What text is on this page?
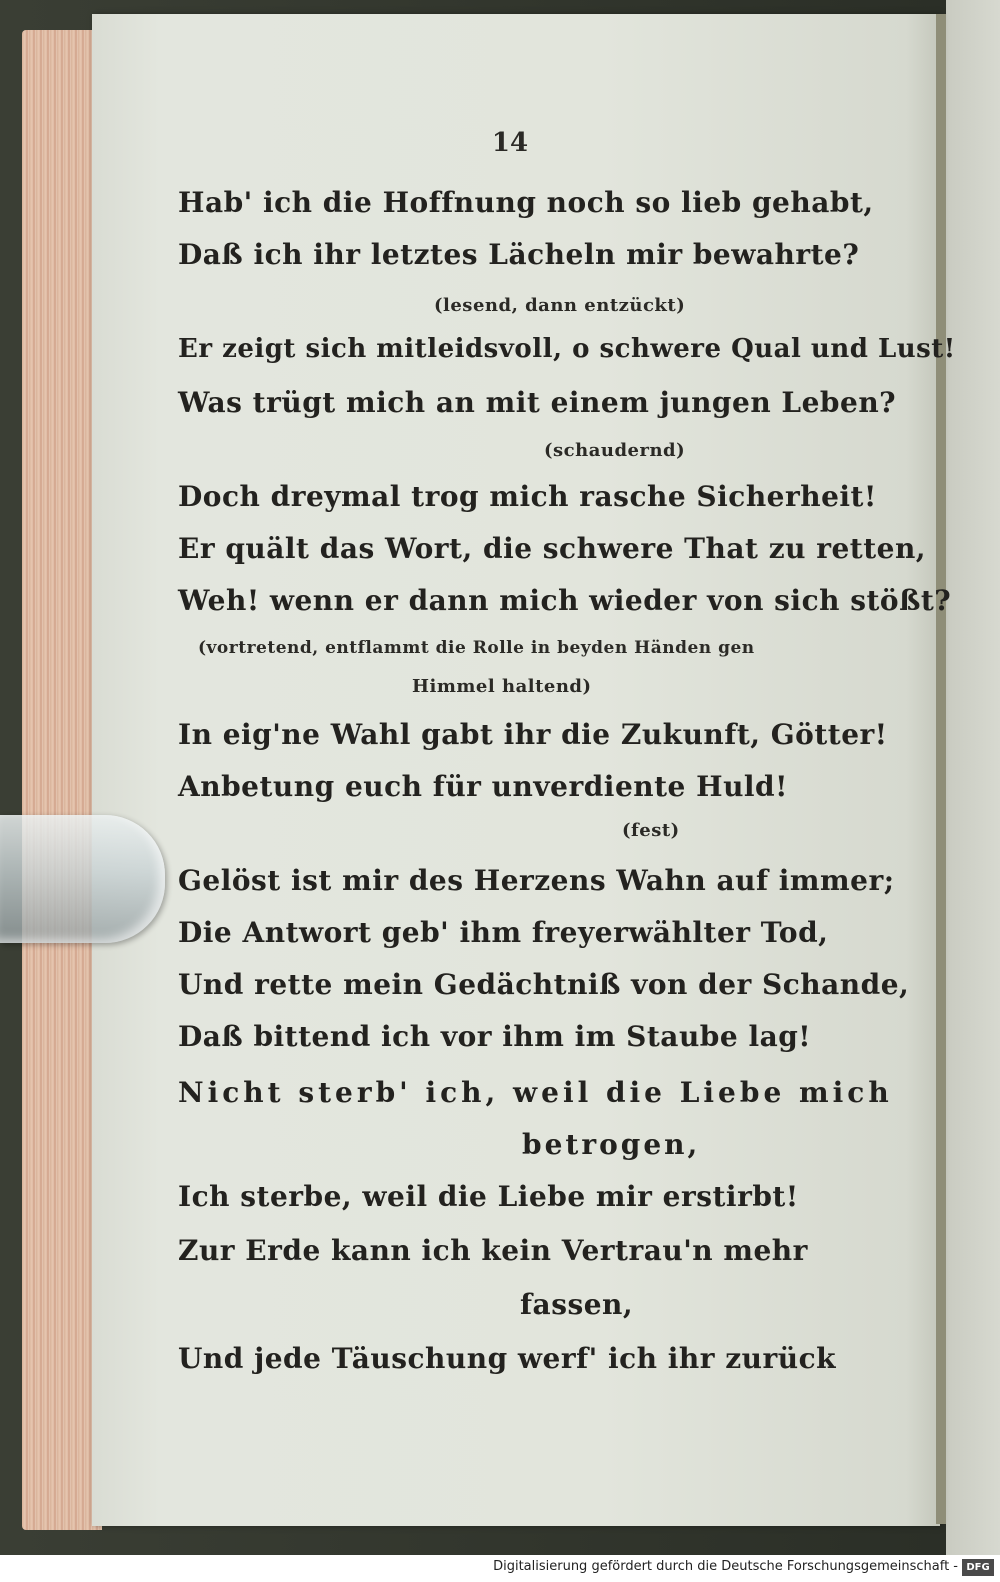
14
Hab' ich die Hoffnung noch so lieb gehabt,
Daß ich ihr letztes Lächeln mir bewahrte?
(lesend, dann entzückt)
Er zeigt sich mitleidsvoll, o schwere Qual und Lust!
Was trügt mich an mit einem jungen Leben?
(schaudernd)
Doch dreymal trog mich rasche Sicherheit!
Er quält das Wort, die schwere That zu retten,
Weh! wenn er dann mich wieder von sich stößt?
(vortretend, entflammt die Rolle in beyden Händen gen
Himmel haltend)
In eig'ne Wahl gabt ihr die Zukunft, Götter!
Anbetung euch für unverdiente Huld!
(fest)
Gelöst ist mir des Herzens Wahn auf immer;
Die Antwort geb' ihm freyerwählter Tod,
Und rette mein Gedächtniß von der Schande,
Daß bittend ich vor ihm im Staube lag!
Nicht sterb' ich, weil die Liebe mich
betrogen,
Ich sterbe, weil die Liebe mir erstirbt!
Zur Erde kann ich kein Vertrau'n mehr
fassen,
Und jede Täuschung werf' ich ihr zurück
Digitalisierung gefördert durch die Deutsche Forschungsgemeinschaft - DFG
